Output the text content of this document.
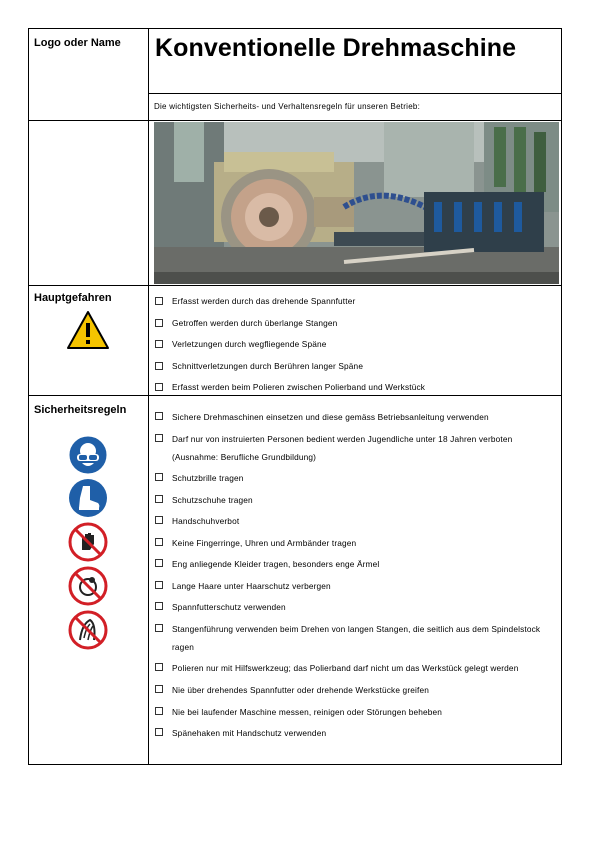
Logo oder Name Konventionelle Drehmaschine
Die wichtigsten Sicherheits- und Verhaltensregeln für unseren Betrieb:
Hauptgefahren	Erfasst werden durch das drehende Spannfutter
Getroffen werden durch überlange Stangen
Verletzungen durch wegfliegende Späne
Schnittverletzungen durch Berühren langer Späne
Erfasst werden beim Polieren zwischen Polierband und Werkstück
Sicherheitsregeln
Sichere Drehmaschinen einsetzen und diese gemäss Betriebsanleitung verwenden
Darf nur von instruierten Personen bedient werden Jugendliche unter 18 Jahren verboten (Ausnahme: Berufliche Grundbildung)
Schutzbrille tragen
Schutzschuhe tragen
Handschuhverbot
Keine Fingerringe, Uhren und Armbänder tragen
Eng anliegende Kleider tragen, besonders enge Ärmel
Lange Haare unter Haarschutz verbergen
Spannfutterschutz verwenden
Stangenführung verwenden beim Drehen von langen Stangen, die seitlich aus dem Spindelstock ragen
Polieren nur mit Hilfswerkzeug; das Polierband darf nicht um das Werkstück gelegt werden
Nie über drehendes Spannfutter oder drehende Werkstücke greifen
Nie bei laufender Maschine messen, reinigen oder Störungen beheben
Spänehaken mit Handschutz verwenden
